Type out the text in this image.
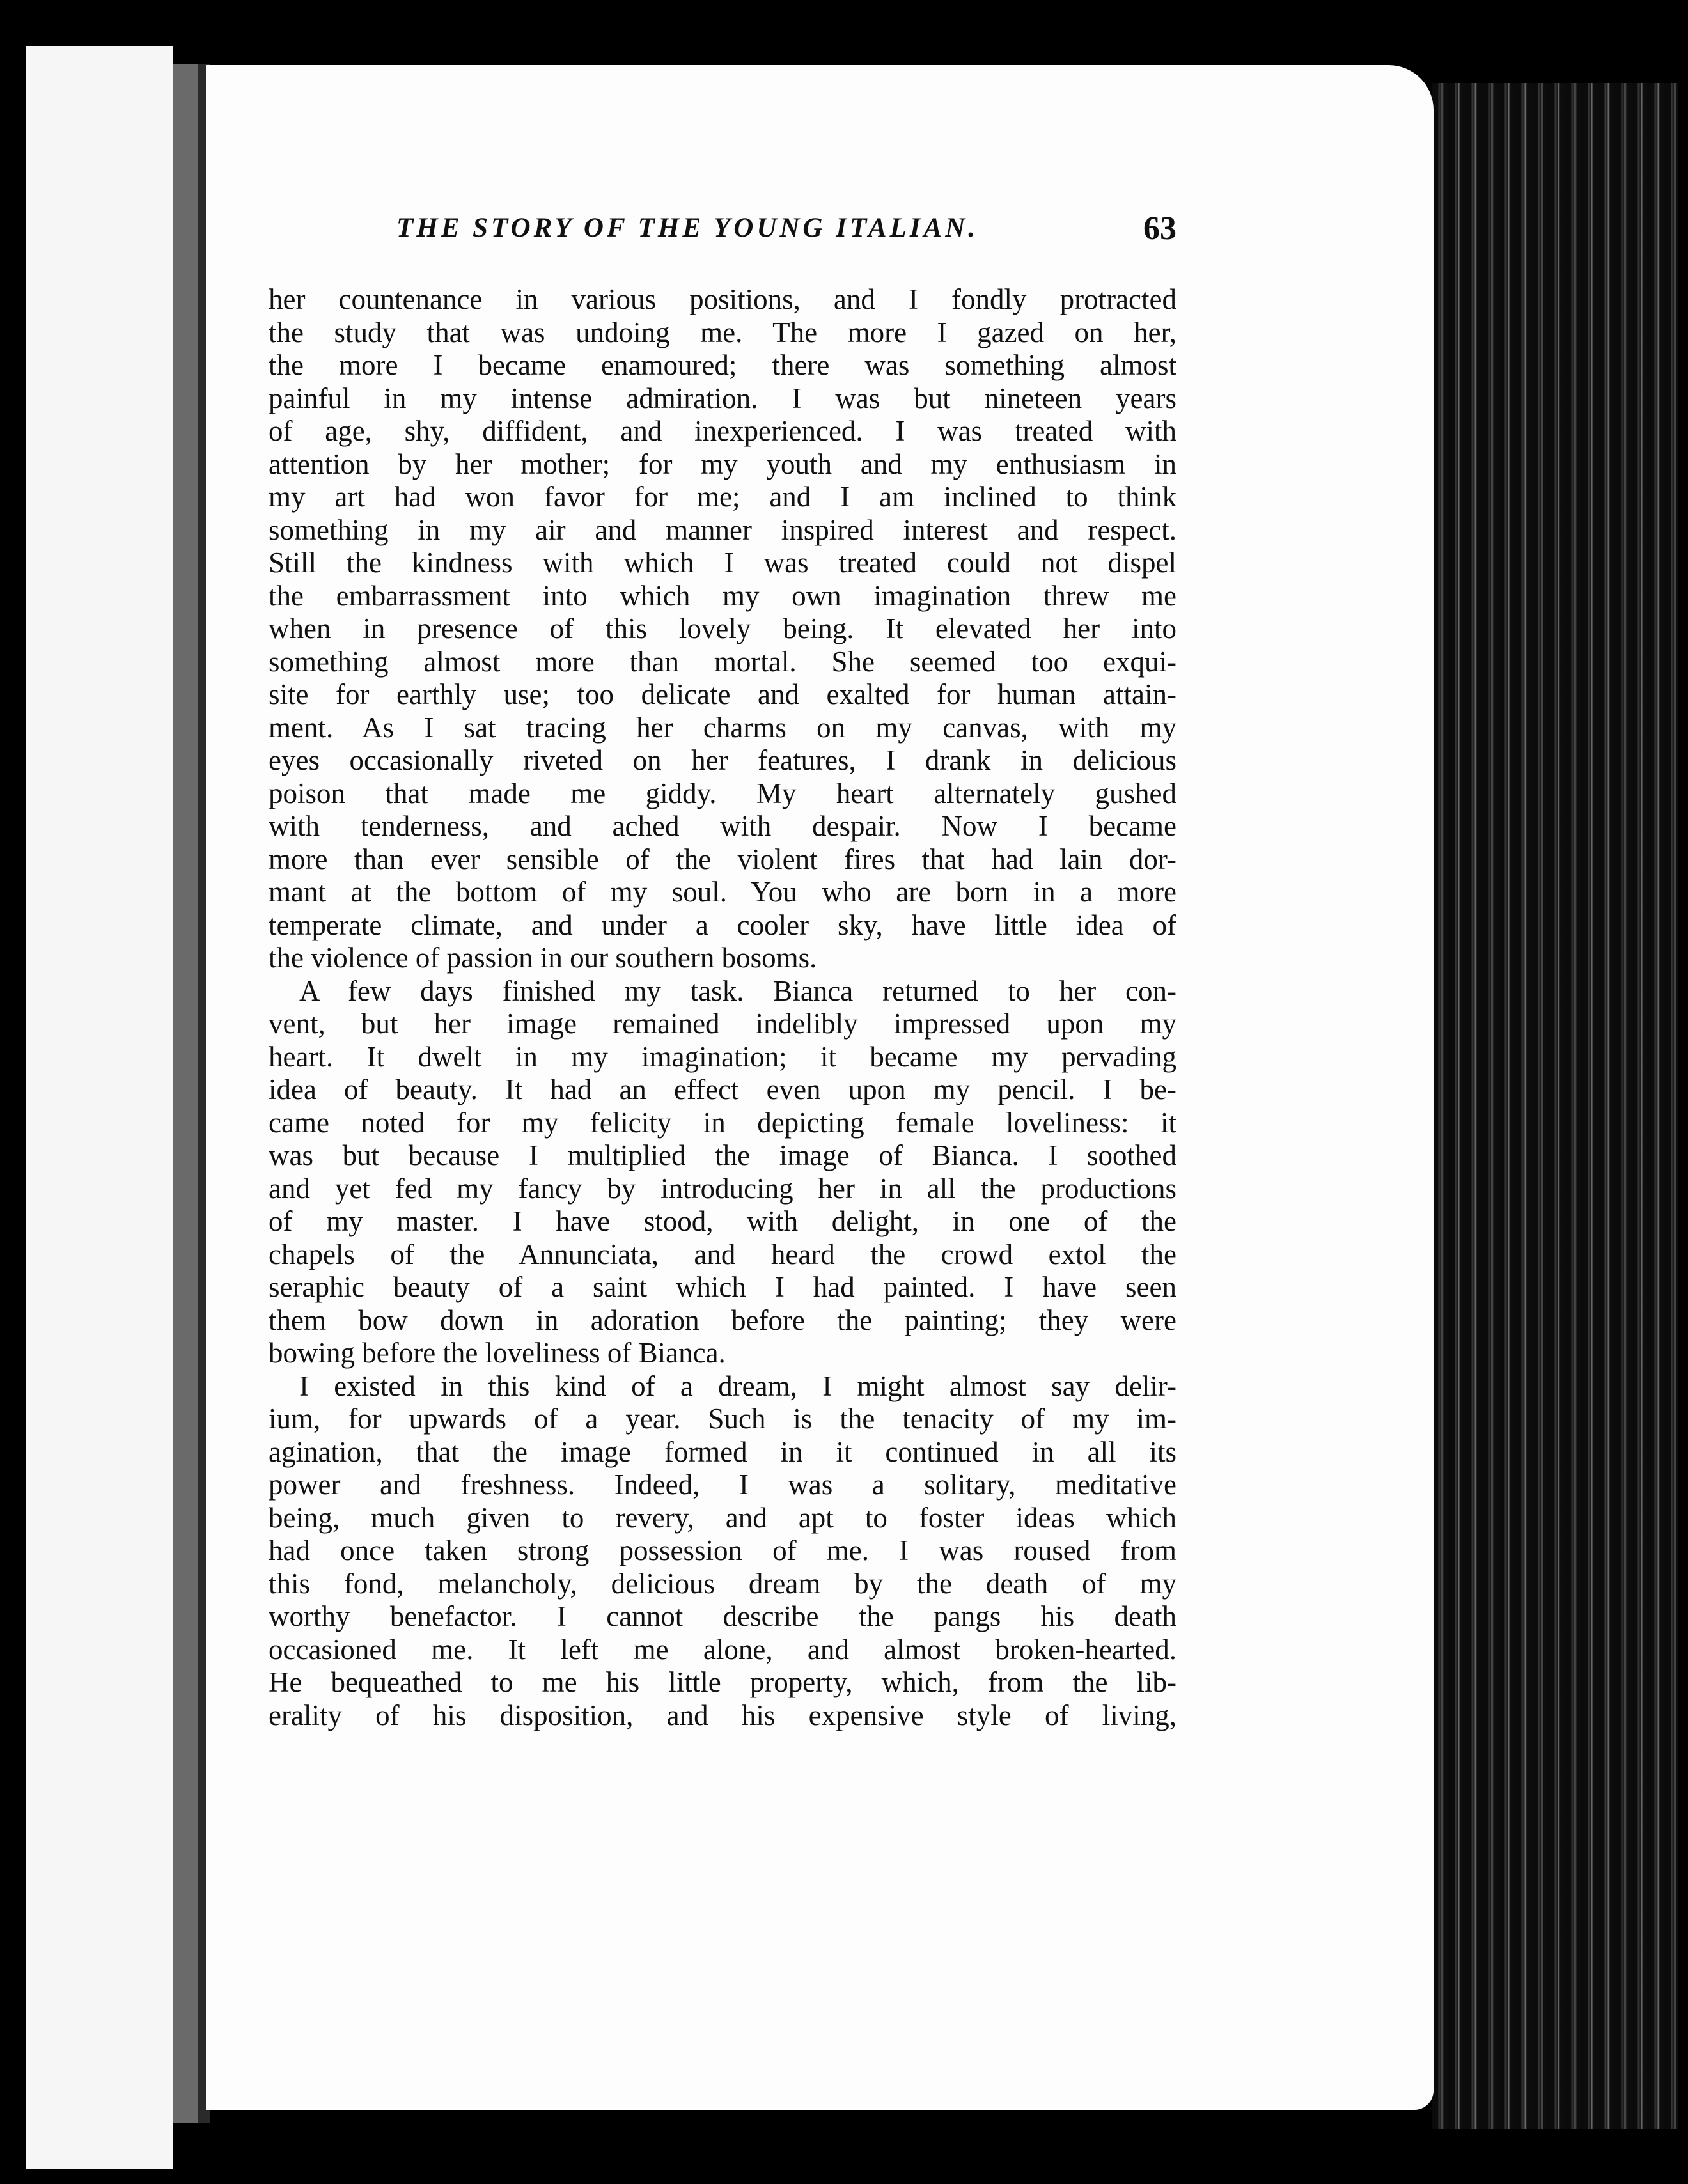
THE STORY OF THE YOUNG ITALIAN.	63
her countenance in various positions, and I fondly protracted
the study that was undoing me. The more I gazed on her,
the more I became enamoured; there was something almost
painful in my intense admiration. I was but nineteen years
of age, shy, diffident, and inexperienced. I was treated with
attention by her mother; for my youth and my enthusiasm in
my art had won favor for me; and I am inclined to think
something in my air and manner inspired interest and respect.
Still the kindness with which I was treated could not dispel
the embarrassment into which my own imagination threw me
when in presence of this lovely being. It elevated her into
something almost more than mortal. She seemed too exqui-
site for earthly use; too delicate and exalted for human attain-
ment. As I sat tracing her charms on my canvas, with my
eyes occasionally riveted on her features, I drank in delicious
poison that made me giddy. My heart alternately gushed
with tenderness, and ached with despair. Now I became
more than ever sensible of the violent fires that had lain dor-
mant at the bottom of my soul. You who are born in a more
temperate climate, and under a cooler sky, have little idea of
the violence of passion in our southern bosoms.
A few days finished my task. Bianca returned to her con-
vent, but her image remained indelibly impressed upon my
heart. It dwelt in my imagination; it became my pervading
idea of beauty. It had an effect even upon my pencil. I be-
came noted for my felicity in depicting female loveliness: it
was but because I multiplied the image of Bianca. I soothed
and yet fed my fancy by introducing her in all the productions
of my master. I have stood, with delight, in one of the
chapels of the Annunciata, and heard the crowd extol the
seraphic beauty of a saint which I had painted. I have seen
them bow down in adoration before the painting; they were
bowing before the loveliness of Bianca.
I existed in this kind of a dream, I might almost say delir-
ium, for upwards of a year. Such is the tenacity of my im-
agination, that the image formed in it continued in all its
power and freshness. Indeed, I was a solitary, meditative
being, much given to revery, and apt to foster ideas which
had once taken strong possession of me. I was roused from
this fond, melancholy, delicious dream by the death of my
worthy benefactor. I cannot describe the pangs his death
occasioned me. It left me alone, and almost broken-hearted.
He bequeathed to me his little property, which, from the lib-
erality of his disposition, and his expensive style of living,
